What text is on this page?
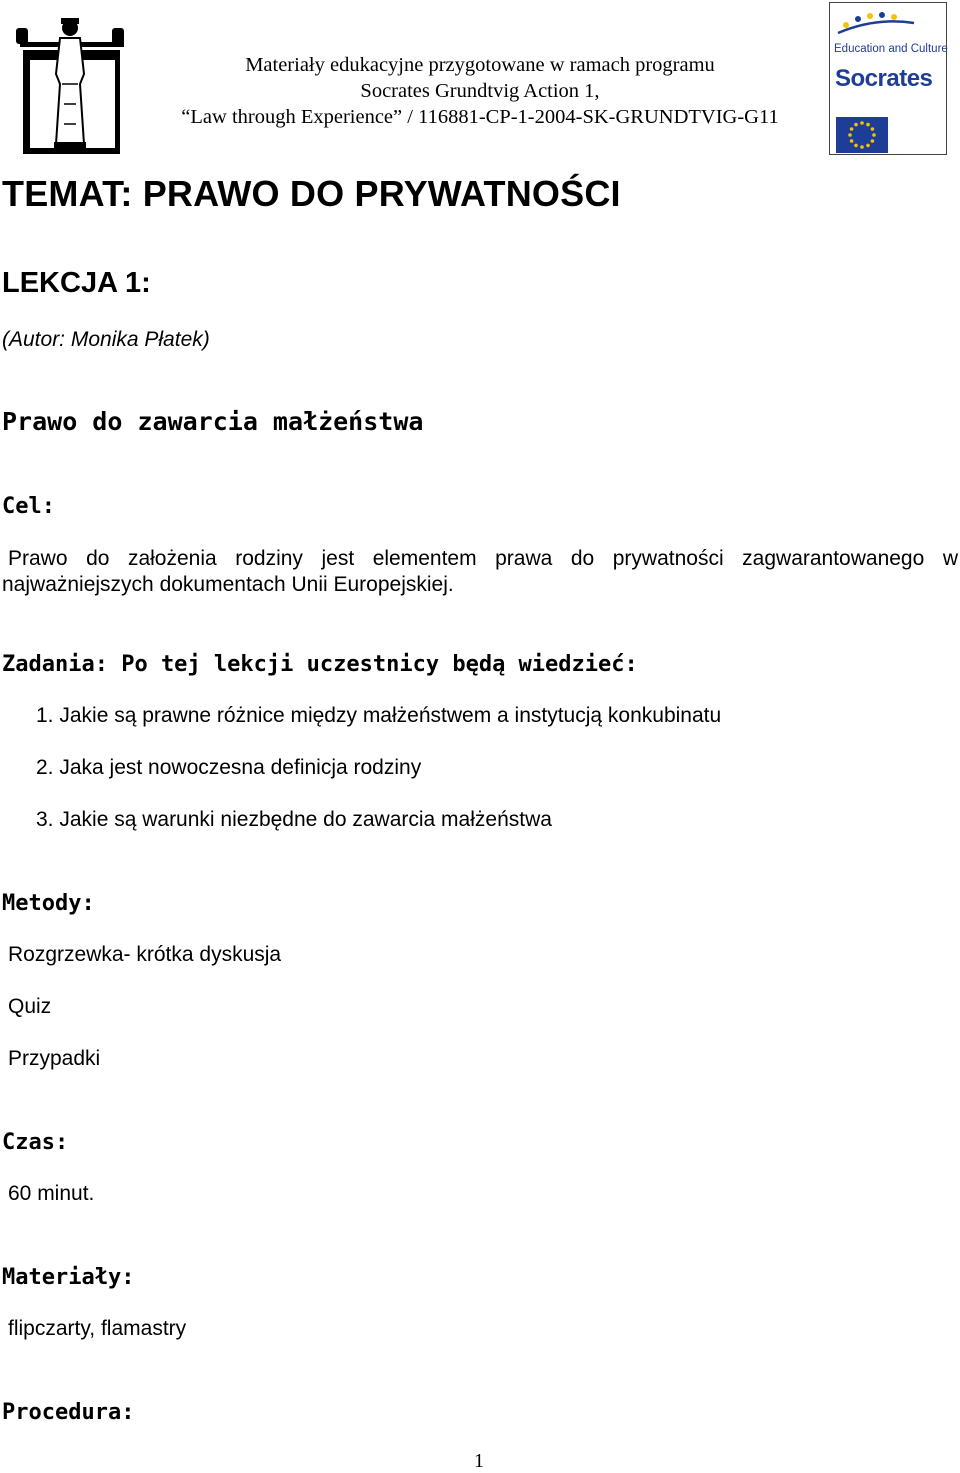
Materiały edukacyjne przygotowane w ramach programu
Socrates Grundtvig Action 1,
“Law through Experience” / 116881-CP-1-2004-SK-GRUNDTVIG-G11
Education and Culture
Socrates
TEMAT: PRAWO DO PRYWATNOŚCI
LEKCJA 1:
(Autor: Monika Płatek)
Prawo do zawarcia małżeństwa
Cel:
Prawo do założenia rodziny jest elementem prawa do prywatności zagwarantowanego w
najważniejszych dokumentach Unii Europejskiej.
Zadania: Po tej lekcji uczestnicy będą wiedzieć:
1. Jakie są prawne różnice między małżeństwem a instytucją konkubinatu
2. Jaka jest nowoczesna definicja rodziny
3. Jakie są warunki niezbędne do zawarcia małżeństwa
Metody:
Rozgrzewka- krótka dyskusja
Quiz
Przypadki
Czas:
60 minut.
Materiały:
flipczarty, flamastry
Procedura:
1
